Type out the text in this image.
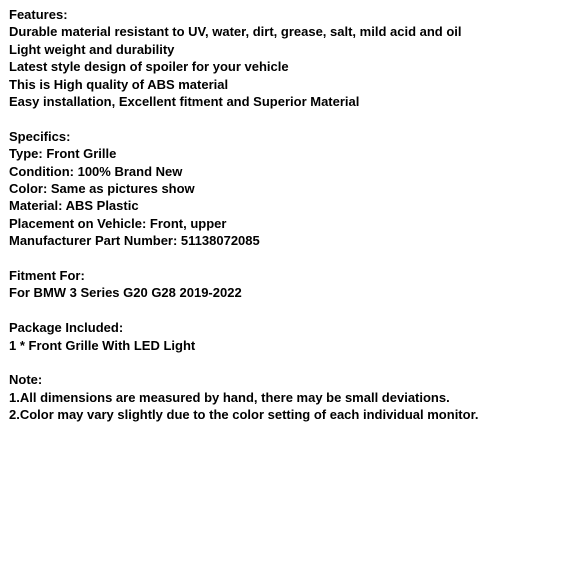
Features:
Durable material resistant to UV, water, dirt, grease, salt, mild acid and oil
Light weight and durability
Latest style design of spoiler for your vehicle
This is High quality of ABS material
Easy installation, Excellent fitment and Superior Material
Specifics:
Type: Front Grille
Condition: 100% Brand New
Color: Same as pictures show
Material: ABS Plastic
Placement on Vehicle: Front, upper
Manufacturer Part Number: 51138072085
Fitment For:
For BMW 3 Series G20 G28 2019-2022
Package Included:
1 * Front Grille With LED Light
Note:
1.All dimensions are measured by hand, there may be small deviations.
2.Color may vary slightly due to the color setting of each individual monitor.
